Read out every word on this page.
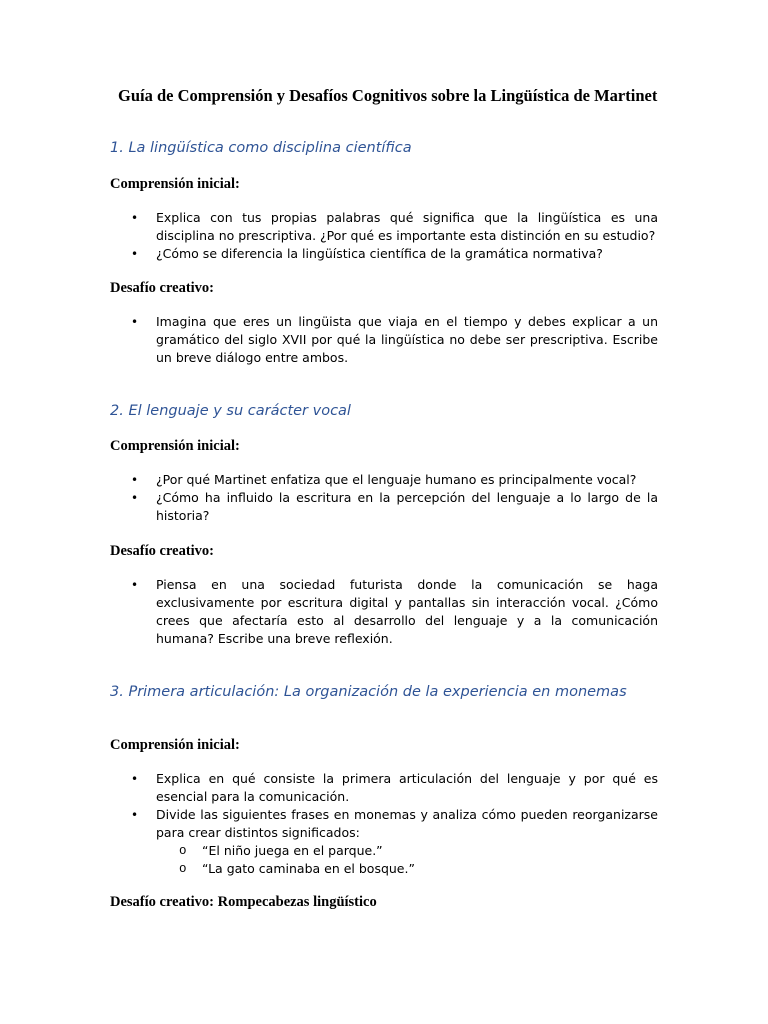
Guía de Comprensión y Desafíos Cognitivos sobre la Lingüística de Martinet
1. La lingüística como disciplina científica
Comprensión inicial:
• Explica con tus propias palabras qué significa que la lingüística es una disciplina no prescriptiva. ¿Por qué es importante esta distinción en su estudio?
• ¿Cómo se diferencia la lingüística científica de la gramática normativa?
Desafío creativo:
• Imagina que eres un lingüista que viaja en el tiempo y debes explicar a un gramático del siglo XVII por qué la lingüística no debe ser prescriptiva. Escribe un breve diálogo entre ambos.
2. El lenguaje y su carácter vocal
Comprensión inicial:
• ¿Por qué Martinet enfatiza que el lenguaje humano es principalmente vocal?
• ¿Cómo ha influido la escritura en la percepción del lenguaje a lo largo de la historia?
Desafío creativo:
• Piensa en una sociedad futurista donde la comunicación se haga exclusivamente por escritura digital y pantallas sin interacción vocal. ¿Cómo crees que afectaría esto al desarrollo del lenguaje y a la comunicación humana? Escribe una breve reflexión.
3. Primera articulación: La organización de la experiencia en monemas
Comprensión inicial:
• Explica en qué consiste la primera articulación del lenguaje y por qué es esencial para la comunicación.
• Divide las siguientes frases en monemas y analiza cómo pueden reorganizarse para crear distintos significados:
o “El niño juega en el parque.”
o “La gato caminaba en el bosque.”
Desafío creativo: Rompecabezas lingüístico
